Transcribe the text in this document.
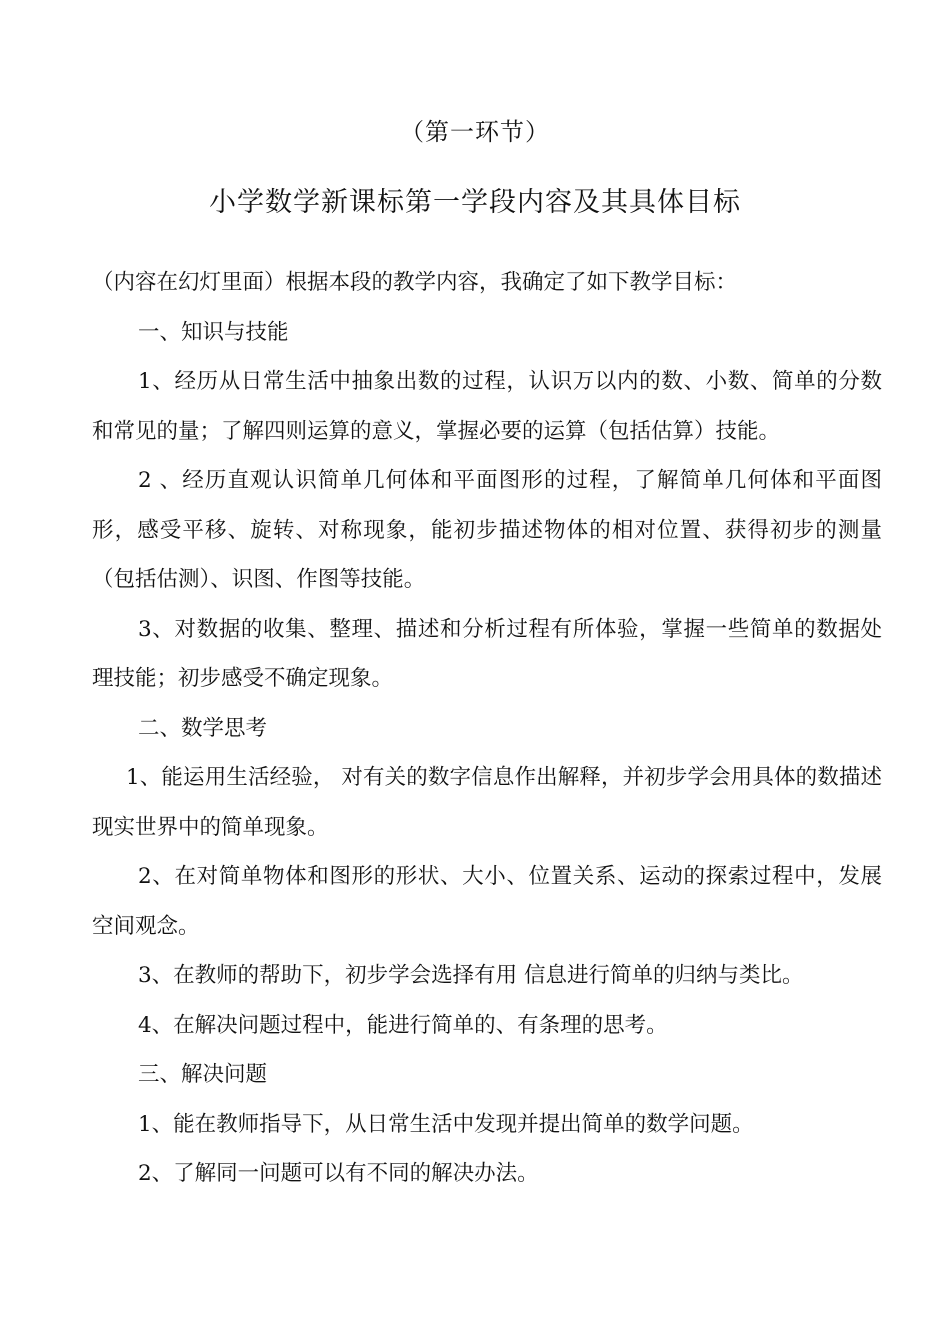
（第一环节）
小学数学新课标第一学段内容及其具体目标

（内容在幻灯里面）根据本段的教学内容，我确定了如下教学目标：

一、知识与技能

1、经历从日常生活中抽象出数的过程，认识万以内的数、小数、简单的分数和常见的量；了解四则运算的意义，掌握必要的运算（包括估算）技能。

2 、经历直观认识简单几何体和平面图形的过程，了解简单几何体和平面图形，感受平移、旋转、对称现象，能初步描述物体的相对位置、获得初步的测量（包括估测）、识图、作图等技能。

3、对数据的收集、整理、描述和分析过程有所体验，掌握一些简单的数据处理技能；初步感受不确定现象。

二、数学思考

1、能运用生活经验， 对有关的数字信息作出解释，并初步学会用具体的数描述现实世界中的简单现象。

2、在对简单物体和图形的形状、大小、位置关系、运动的探索过程中，发展空间观念。

3、在教师的帮助下，初步学会选择有用 信息进行简单的归纳与类比。

4、在解决问题过程中，能进行简单的、有条理的思考。

三、解决问题

1、能在教师指导下，从日常生活中发现并提出简单的数学问题。

2、了解同一问题可以有不同的解决办法。
